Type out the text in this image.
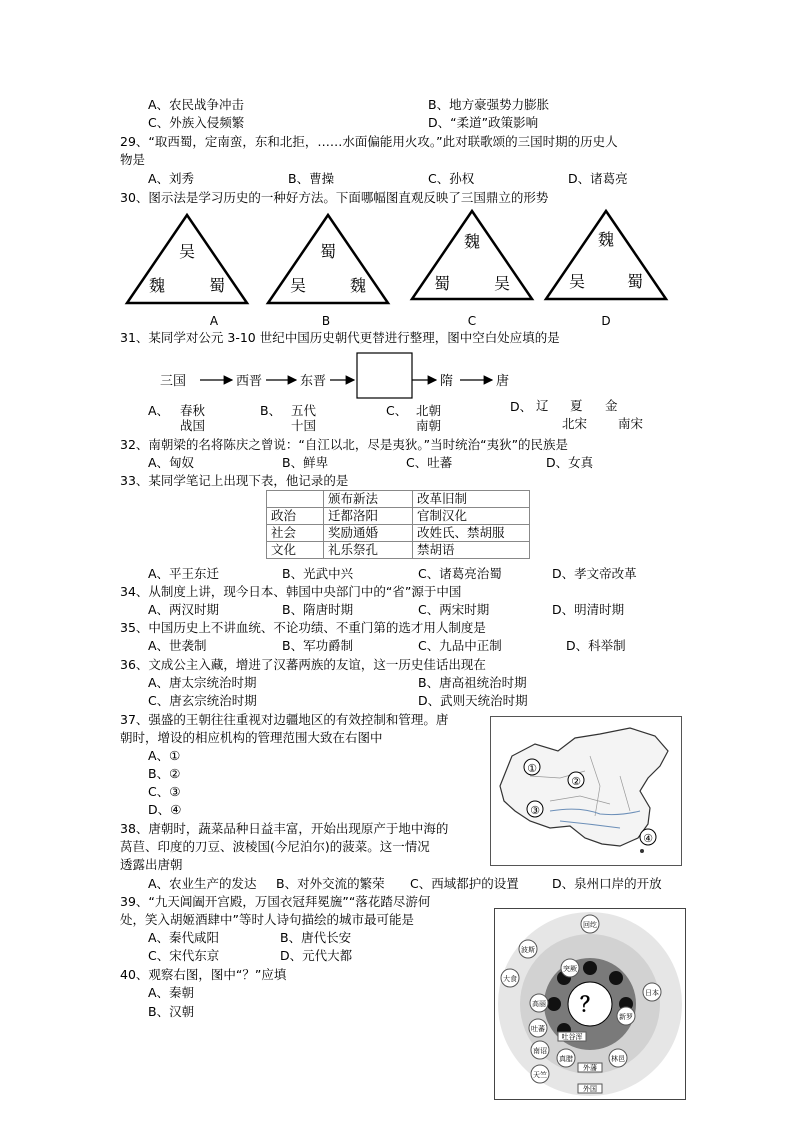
A、农民战争冲击	B、地方豪强势力膨胀
C、外族入侵频繁	D、“柔道”政策影响
29、“取西蜀，定南蛮，东和北拒，……水面偏能用火攻。”此对联歌颂的三国时期的历史人
物是
A、刘秀	B、曹操	C、孙权	D、诸葛亮
30、图示法是学习历史的一种好方法。下面哪幅图直观反映了三国鼎立的形势
吴
魏	蜀
A
蜀
吴	魏
B
魏
蜀	吴
C
魏
吴	蜀
D
31、某同学对公元 3-10 世纪中国历史朝代更替进行整理，图中空白处应填的是
三国	西晋	东晋	隋	唐
A、 春秋
战国
B、 五代
十国
C、 北朝
南朝
D、 辽 夏 金
北宋 南宋
32、南朝梁的名将陈庆之曾说：“自江以北，尽是夷狄。”当时统治“夷狄”的民族是
A、匈奴	B、鲜卑	C、吐蕃	D、女真
33、某同学笔记上出现下表，他记录的是
	颁布新法	改革旧制
政治	迁都洛阳	官制汉化
社会	奖励通婚	改姓氏、禁胡服
文化	礼乐祭孔	禁胡语
A、平王东迁	B、光武中兴	C、诸葛亮治蜀	D、孝文帝改革
34、从制度上讲，现今日本、韩国中央部门中的“省”源于中国
A、两汉时期	B、隋唐时期	C、两宋时期	D、明清时期
35、中国历史上不讲血统、不论功绩、不重门第的选才用人制度是
A、世袭制	B、军功爵制	C、九品中正制	D、科举制
36、文成公主入藏，增进了汉蕃两族的友谊，这一历史佳话出现在
A、唐太宗统治时期	B、唐高祖统治时期
C、唐玄宗统治时期	D、武则天统治时期
37、强盛的王朝往往重视对边疆地区的有效控制和管理。唐
朝时，增设的相应机构的管理范围大致在右图中
A、①
B、②
C、③
D、④
①
②
③
④
38、唐朝时，蔬菜品种日益丰富，开始出现原产于地中海的
莴苣、印度的刀豆、波棱国(今尼泊尔)的菠菜。这一情况
透露出唐朝
A、农业生产的发达 B、对外交流的繁荣 C、西域都护的设置	D、泉州口岸的开放
39、“九天阊阖开宫殿，万国衣冠拜冕旒”“落花踏尽游何
处，笑入胡姬酒肆中”等时人诗句描绘的城市最可能是
A、秦代咸阳	B、唐代长安
C、宋代东京	D、元代大都
40、观察右图，图中“？”应填
A、秦朝
B、汉朝	？
波斯
回纥
大食
日本
突厥
吐谷浑
新罗
吐蕃
南诏
真腊
天竺
林邑
高丽
外藩
外国
